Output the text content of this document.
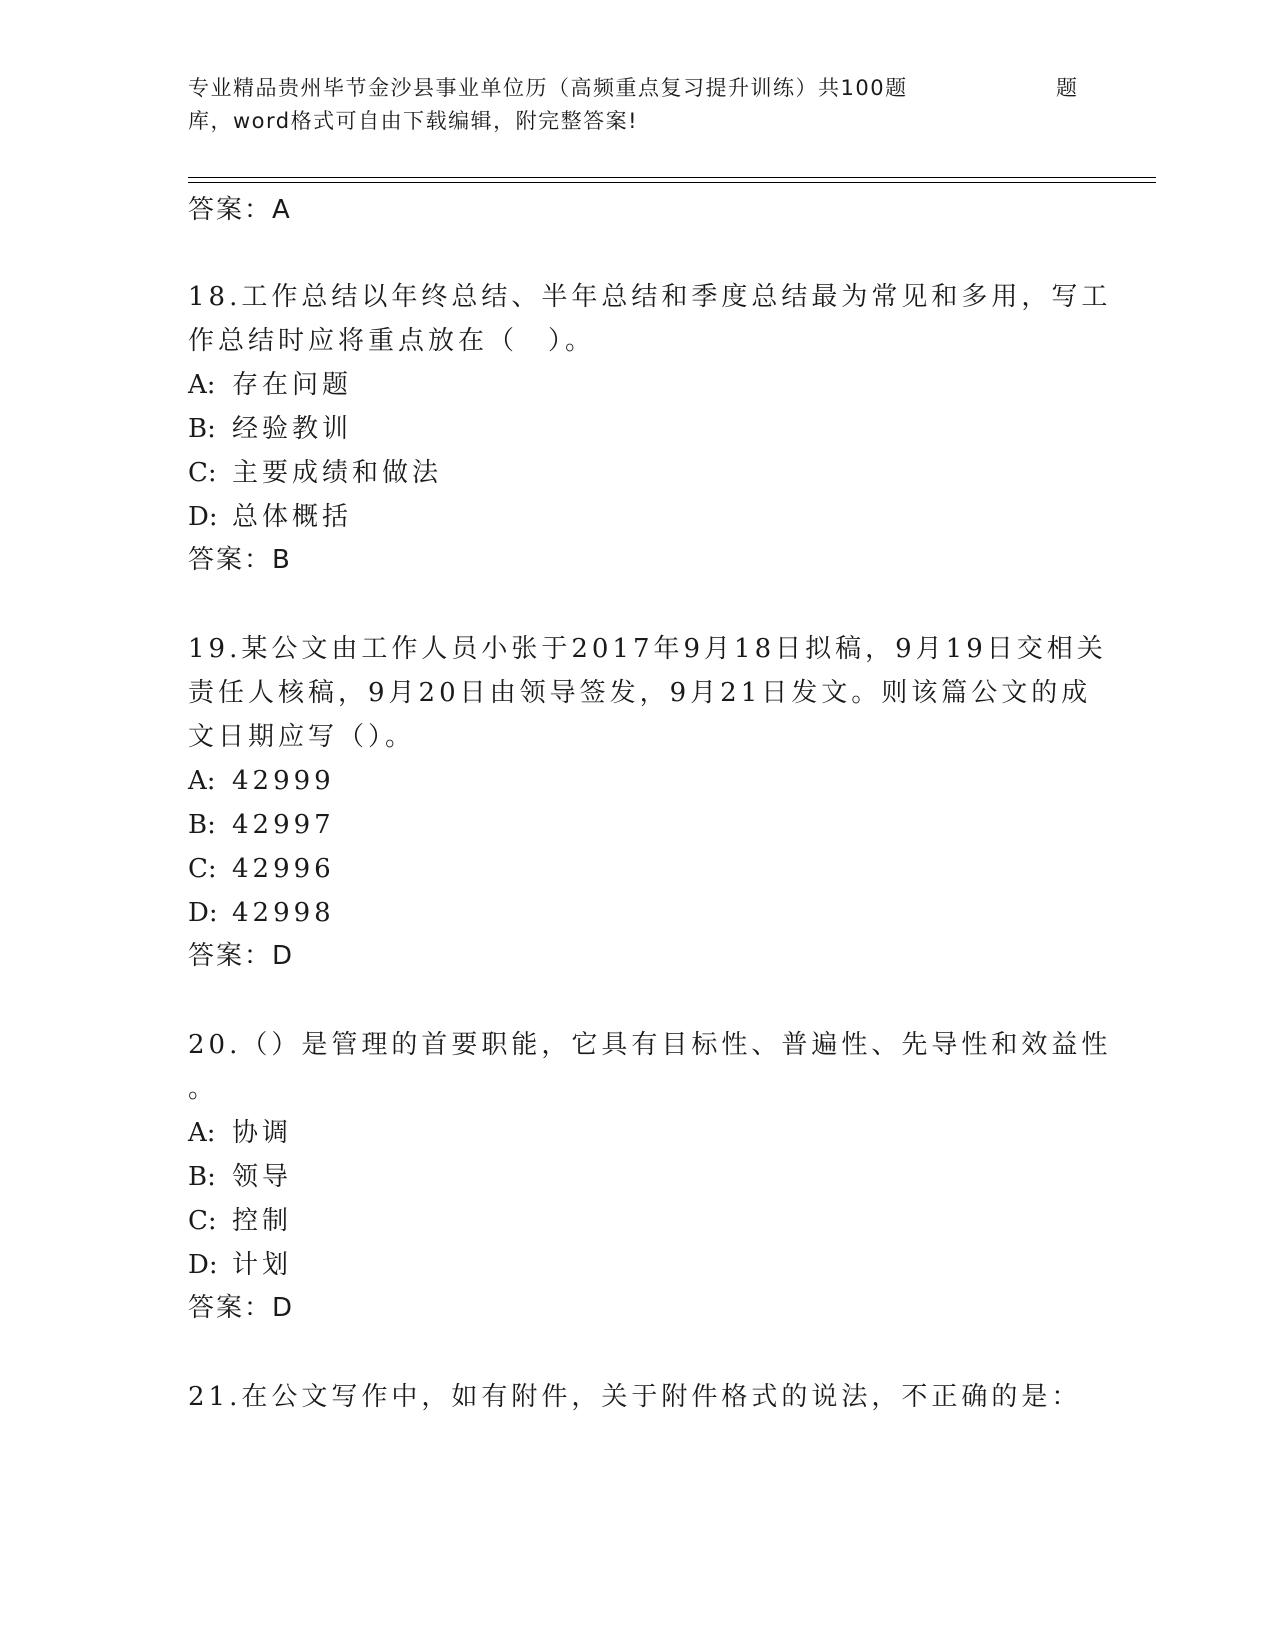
专业精品贵州毕节金沙县事业单位历（高频重点复习提升训练）共100题	题
库，word格式可自由下载编辑，附完整答案!
答案：A
18.工作总结以年终总结、半年总结和季度总结最为常见和多用，写工
作总结时应将重点放在（　）。
A: 存在问题
B: 经验教训
C: 主要成绩和做法
D: 总体概括
答案：B
19.某公文由工作人员小张于2017年9月18日拟稿，9月19日交相关
责任人核稿，9月20日由领导签发，9月21日发文。则该篇公文的成
文日期应写（）。
A: 42999
B: 42997
C: 42996
D: 42998
答案：D
20.（）是管理的首要职能，它具有目标性、普遍性、先导性和效益性
。
A: 协调
B: 领导
C: 控制
D: 计划
答案：D
21.在公文写作中，如有附件，关于附件格式的说法，不正确的是：
